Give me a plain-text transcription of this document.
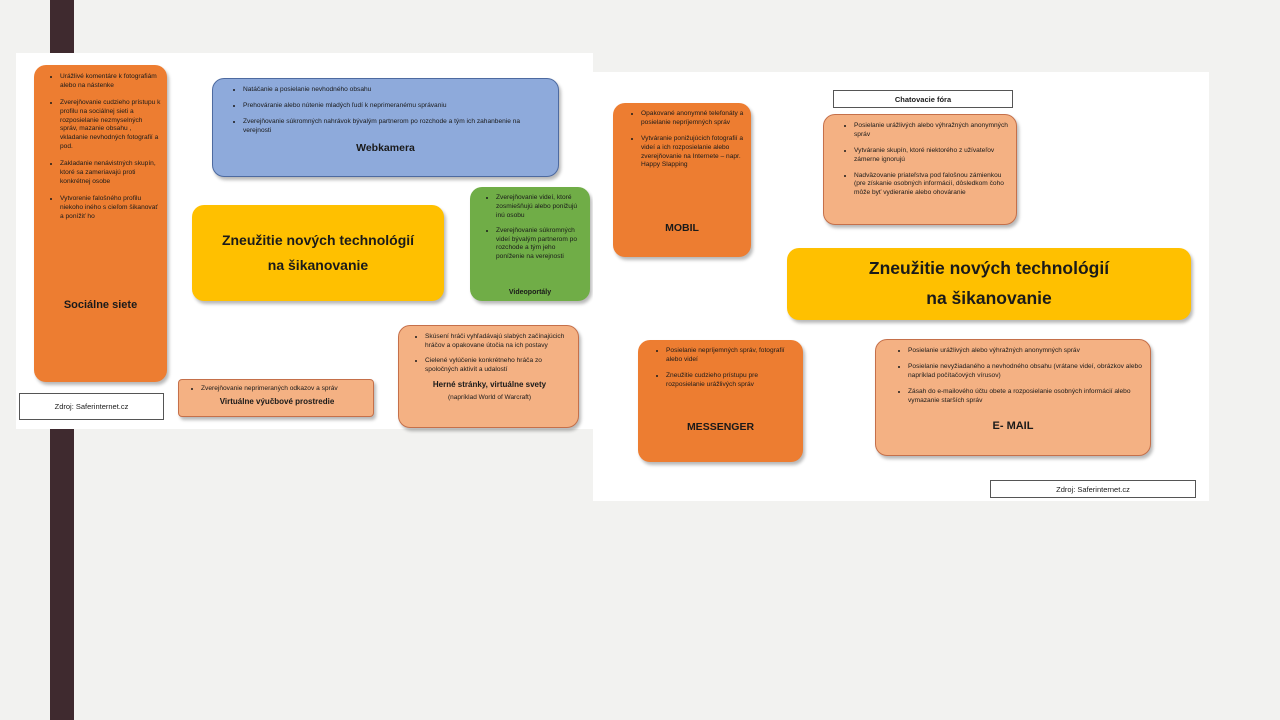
• Urážlivé komentáre k fotografiám alebo na nástenke
• Zverejňovanie cudzieho prístupu k profilu na sociálnej sieti a rozposielanie nezmyselných správ, mazanie obsahu , vkladanie nevhodných fotografií a pod.
• Zakladanie nenávistných skupín, ktoré sa zameriavajú proti konkrétnej osobe
• Vytvorenie falošného profilu niekoho iného s cieľom šikanovať a ponížiť ho
Sociálne siete
• Natáčanie a posielanie nevhodného obsahu
• Prehováranie alebo nútenie mladých ľudí k neprimeranému správaniu
• Zverejňovanie súkromných nahrávok bývalým partnerom po rozchode a tým ich zahanbenie na verejnosti
Webkamera
Zneužitie nových technológií
na šikanovanie
• Zverejňovanie videí, ktoré zosmiešňujú alebo ponižujú inú osobu
• Zverejňovanie súkromných videí bývalým partnerom po rozchode a tým jeho poníženie na verejnosti
Videoportály
• Skúsení hráči vyhľadávajú slabých začínajúcich hráčov a opakovane útočia na ich postavy
• Cielené vylúčenie konkrétneho hráča zo spoločných aktivít a udalostí
Herné stránky, virtuálne svety
(napríklad World of Warcraft)
• Zverejňovanie neprimeraných odkazov a správ
Virtuálne výučbové prostredie
Zdroj: Saferinternet.cz
Chatovacie fóra
• Opakované anonymné telefonáty a posielanie nepríjemných správ
• Vytváranie ponižujúcich fotografií a videí a ich rozposielanie alebo zverejňovanie na Internete – napr. Happy Slapping
MOBIL
• Posielanie urážlivých alebo výhražných anonymných správ
• Vytváranie skupín, ktoré niektorého z užívateľov zámerne ignorujú
• Nadväzovanie priateľstva pod falošnou zámienkou (pre získanie osobných informácií, dôsledkom čoho môže byť vydieranie alebo ohováranie
Zneužitie nových technológií
na šikanovanie
• Posielanie nepríjemných správ, fotografií alebo videí
• Zneužitie cudzieho prístupu pre rozposielanie urážlivých správ
MESSENGER
• Posielanie urážlivých alebo výhražných anonymných správ
• Posielanie nevyžiadaného a nevhodného obsahu (vrátane videí, obrázkov alebo napríklad počítačových vírusov)
• Zásah do e-mailového účtu obete a rozposielanie osobných informácií alebo vymazanie starších správ
E- MAIL
Zdroj: Saferinternet.cz
